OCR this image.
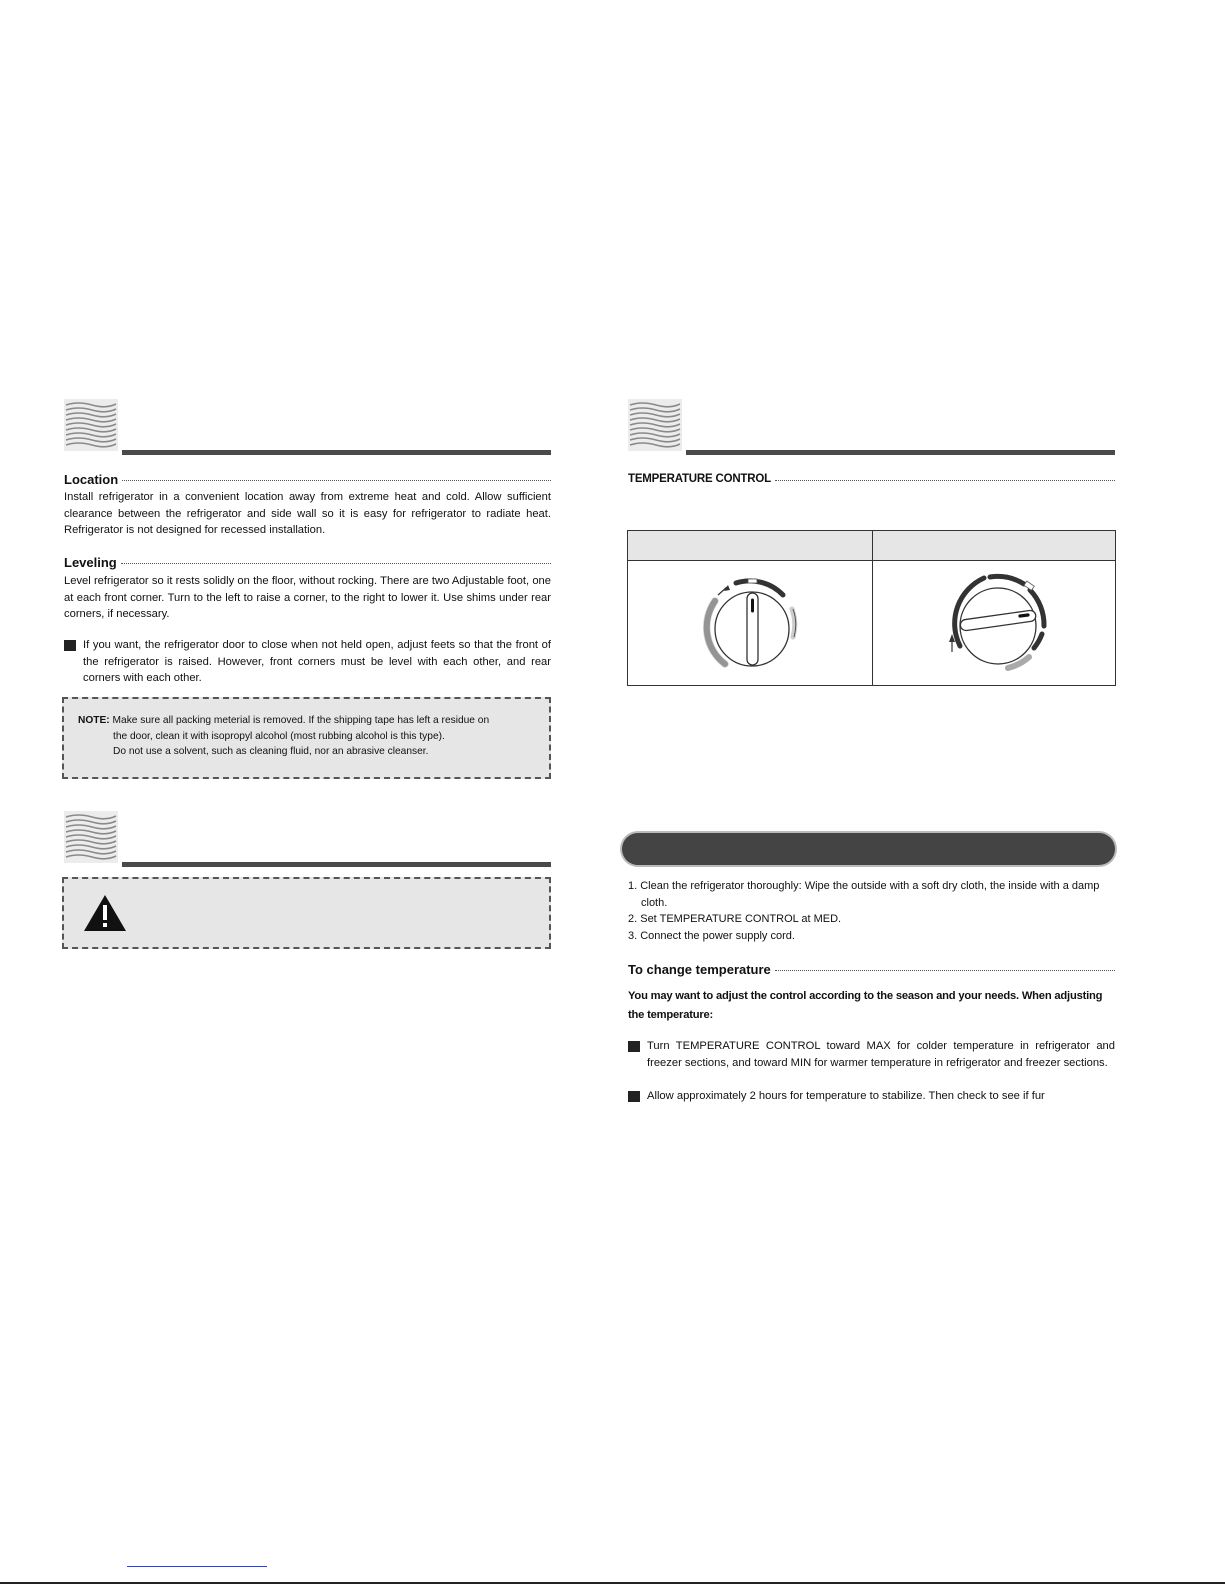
Location

Install refrigerator in a convenient location away from extreme heat and cold. Allow sufficient clearance between the refrigerator and side wall so it is easy for refrigerator to radiate heat. Refrigerator is not designed for recessed installation.

Leveling

Level refrigerator so it rests solidly on the floor, without rocking. There are two Adjustable foot, one at each front corner. Turn to the left to raise a corner, to the right to lower it. Use shims under rear corners, if necessary.

If you want, the refrigerator door to close when not held open, adjust feets so that the front of the refrigerator is raised. However, front corners must be level with each other, and rear corners with each other.
NOTE: Make sure all packing meterial is removed. If the shipping tape has left a residue on
the door, clean it with isopropyl alcohol (most rubbing alcohol is this type).
Do not use a solvent, such as cleaning fluid, nor an abrasive cleanser.
TEMPERATURE CONTROL
1. Clean the refrigerator thoroughly: Wipe the outside with a soft dry cloth, the inside with a damp cloth.
2. Set TEMPERATURE CONTROL at MED.
3. Connect the power supply cord.
To change temperature

You may want to adjust the control according to the season and your needs. When adjusting the temperature:

Turn TEMPERATURE CONTROL toward MAX for colder temperature in refrigerator and freezer sections, and toward MIN for warmer temperature in refrigerator and freezer sections.
Allow approximately 2 hours for temperature to stabilize. Then check to see if fur
